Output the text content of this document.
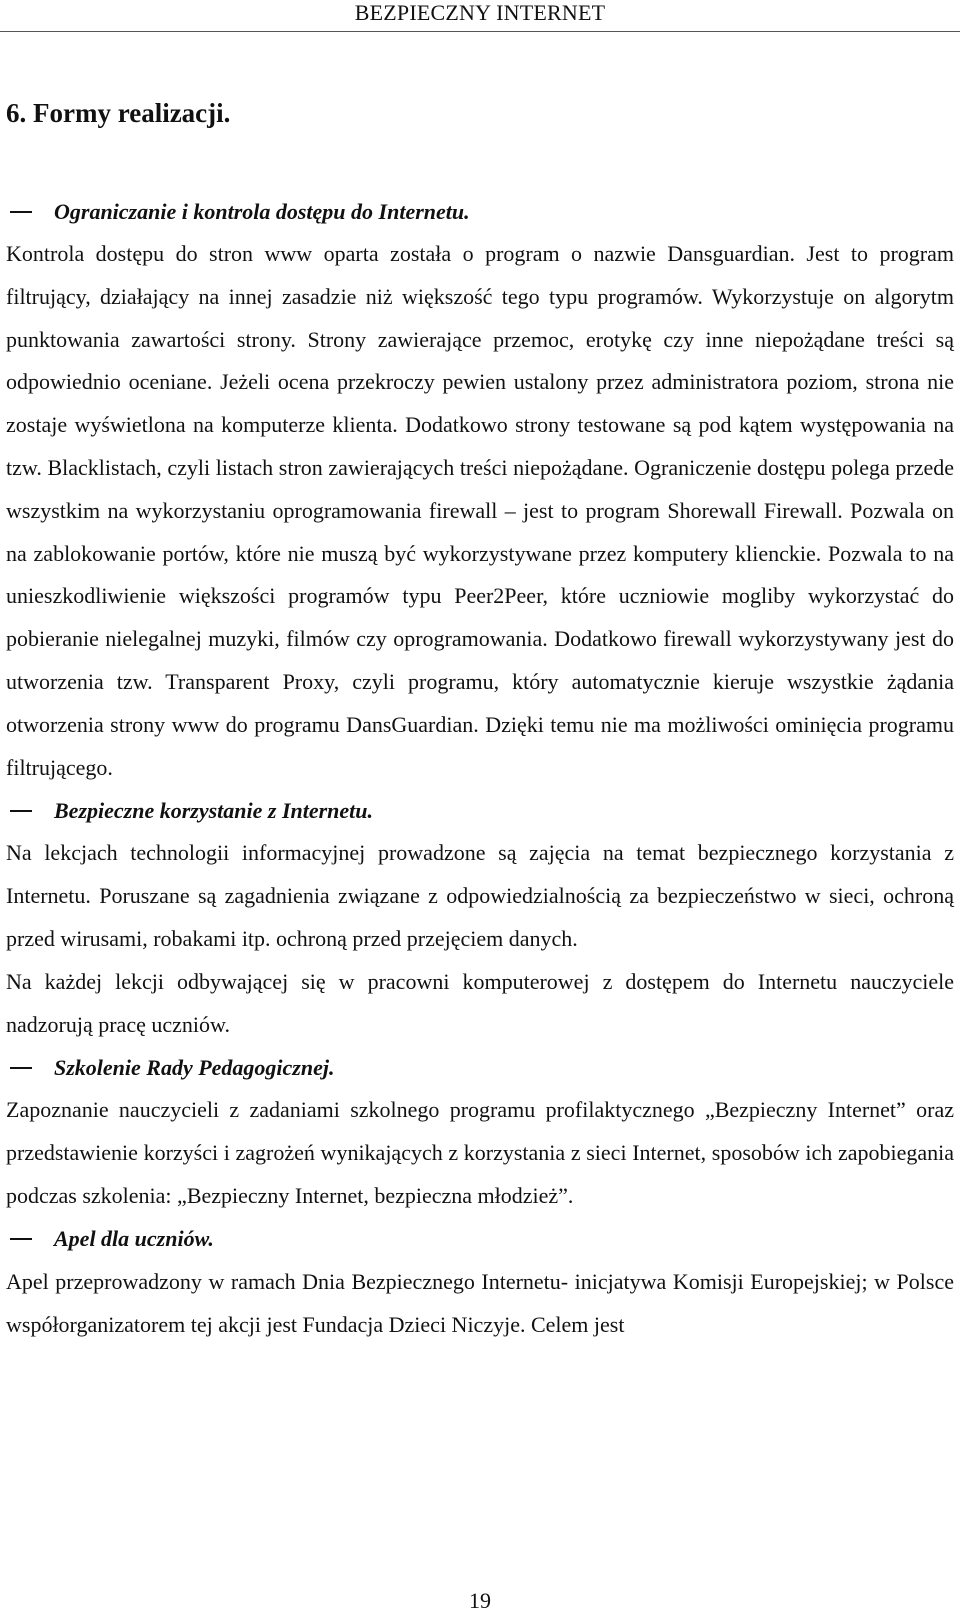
BEZPIECZNY INTERNET
6. Formy realizacji.
Ograniczanie i kontrola dostępu do Internetu.

Kontrola dostępu do stron www oparta została o program o nazwie Dansguardian. Jest to program filtrujący, działający na innej zasadzie niż większość tego typu programów. Wykorzystuje on algorytm punktowania zawartości strony. Strony zawierające przemoc, erotykę czy inne niepożądane treści są odpowiednio oceniane. Jeżeli ocena przekroczy pewien ustalony przez administratora poziom, strona nie zostaje wyświetlona na komputerze klienta. Dodatkowo strony testowane są pod kątem występowania na tzw. Blacklistach, czyli listach stron zawierających treści niepożądane. Ograniczenie dostępu polega przede wszystkim na wykorzystaniu oprogramowania firewall – jest to program Shorewall Firewall. Pozwala on na zablokowanie portów, które nie muszą być wykorzystywane przez komputery klienckie. Pozwala to na unieszkodliwienie większości programów typu Peer2Peer, które uczniowie mogliby wykorzystać do pobieranie nielegalnej muzyki, filmów czy oprogramowania. Dodatkowo firewall wykorzystywany jest do utworzenia tzw. Transparent Proxy, czyli programu, który automatycznie kieruje wszystkie żądania otworzenia strony www do programu DansGuardian. Dzięki temu nie ma możliwości ominięcia programu filtrującego.

Bezpieczne korzystanie z Internetu.

Na lekcjach technologii informacyjnej prowadzone są zajęcia na temat bezpiecznego korzystania z Internetu. Poruszane są zagadnienia związane z odpowiedzialnością za bezpieczeństwo w sieci, ochroną przed wirusami, robakami itp. ochroną przed przejęciem danych.

Na każdej lekcji odbywającej się w pracowni komputerowej z dostępem do Internetu nauczyciele nadzorują pracę uczniów.

Szkolenie Rady Pedagogicznej.

Zapoznanie nauczycieli z zadaniami szkolnego programu profilaktycznego „Bezpieczny Internet” oraz przedstawienie korzyści i zagrożeń wynikających z korzystania z sieci Internet, sposobów ich zapobiegania podczas szkolenia: „Bezpieczny Internet, bezpieczna młodzież”.

Apel dla uczniów.

Apel przeprowadzony w ramach Dnia Bezpiecznego Internetu- inicjatywa Komisji Europejskiej; w Polsce współorganizatorem tej akcji jest Fundacja Dzieci Niczyje. Celem jest

19
